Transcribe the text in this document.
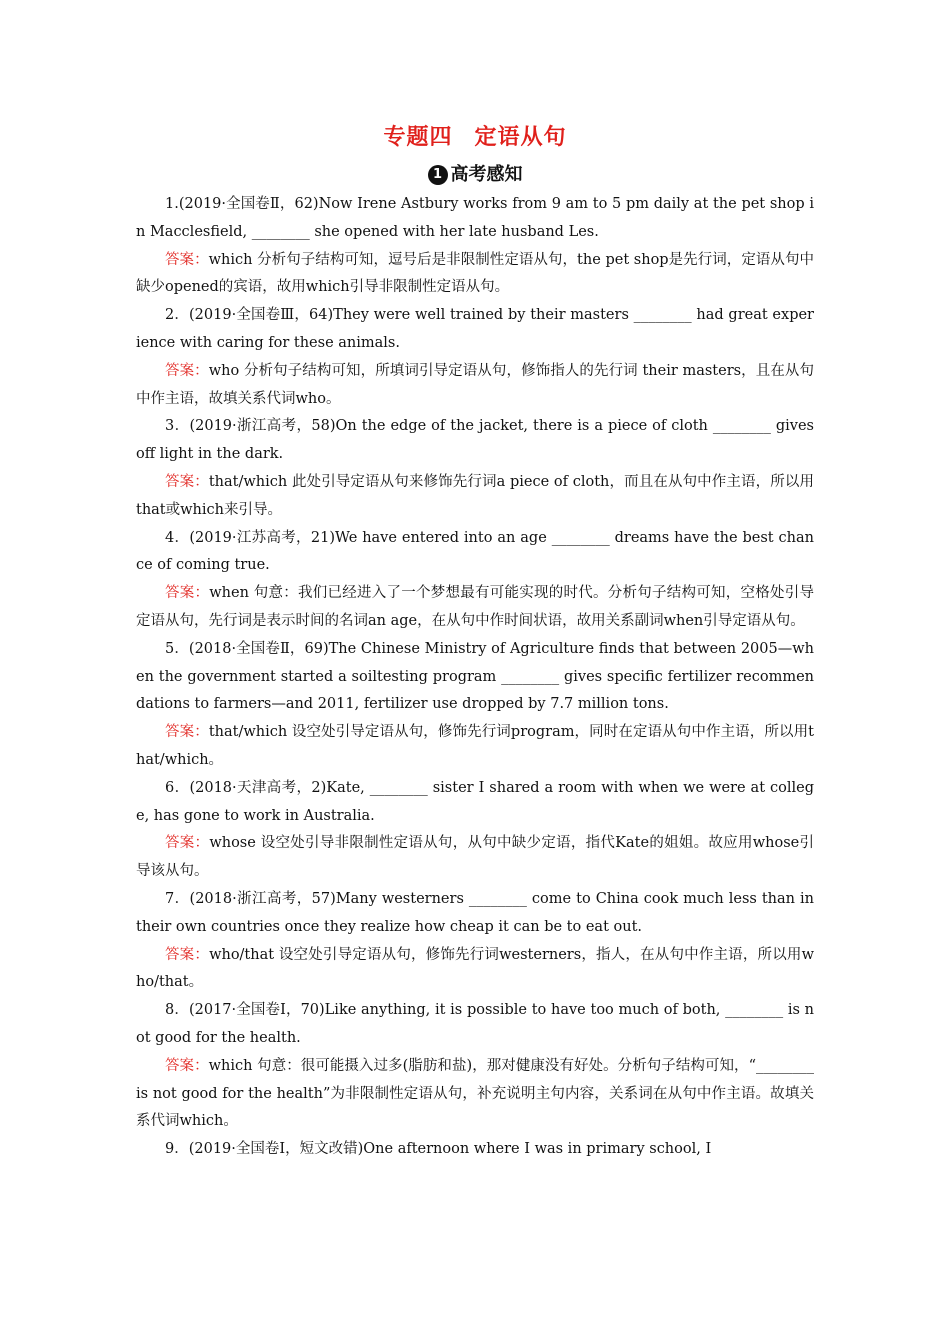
专题四 定语从句
1 高考感知

1.(2019·全国卷Ⅱ，62)Now Irene Astbury works from 9 am to 5 pm daily at the pet shop in Macclesfield, ________ she opened with her late husband Les.

答案：which 分析句子结构可知，逗号后是非限制性定语从句，the pet shop是先行词，定语从句中缺少opened的宾语，故用which引导非限制性定语从句。

2．(2019·全国卷Ⅲ，64)They were well trained by their masters ________ had great experience with caring for these animals.

答案：who 分析句子结构可知，所填词引导定语从句，修饰指人的先行词 their masters，且在从句中作主语，故填关系代词who。

3．(2019·浙江高考，58)On the edge of the jacket, there is a piece of cloth ________ gives off light in the dark.

答案：that/which 此处引导定语从句来修饰先行词a piece of cloth，而且在从句中作主语，所以用that或which来引导。

4．(2019·江苏高考，21)We have entered into an age ________ dreams have the best chance of coming true.

答案：when 句意：我们已经进入了一个梦想最有可能实现的时代。分析句子结构可知，空格处引导定语从句，先行词是表示时间的名词an age，在从句中作时间状语，故用关系副词when引导定语从句。

5．(2018·全国卷Ⅱ，69)The Chinese Ministry of Agriculture finds that between 2005—when the government started a soiltesting program ________ gives specific fertilizer recommendations to farmers—and 2011, fertilizer use dropped by 7.7 million tons.

答案：that/which 设空处引导定语从句，修饰先行词program，同时在定语从句中作主语，所以用that/which。

6．(2018·天津高考，2)Kate, ________ sister I shared a room with when we were at college, has gone to work in Australia.

答案：whose 设空处引导非限制性定语从句，从句中缺少定语，指代Kate的姐姐。故应用whose引导该从句。

7．(2018·浙江高考，57)Many westerners ________ come to China cook much less than in their own countries once they realize how cheap it can be to eat out.

答案：who/that 设空处引导定语从句，修饰先行词westerners，指人，在从句中作主语，所以用who/that。

8．(2017·全国卷Ⅰ，70)Like anything, it is possible to have too much of both, ________ is not good for the health.

答案：which 句意：很可能摄入过多(脂肪和盐)，那对健康没有好处。分析句子结构可知，“________ is not good for the health”为非限制性定语从句，补充说明主句内容，关系词在从句中作主语。故填关系代词which。

9．(2019·全国卷Ⅰ，短文改错)One afternoon where I was in primary school, I
